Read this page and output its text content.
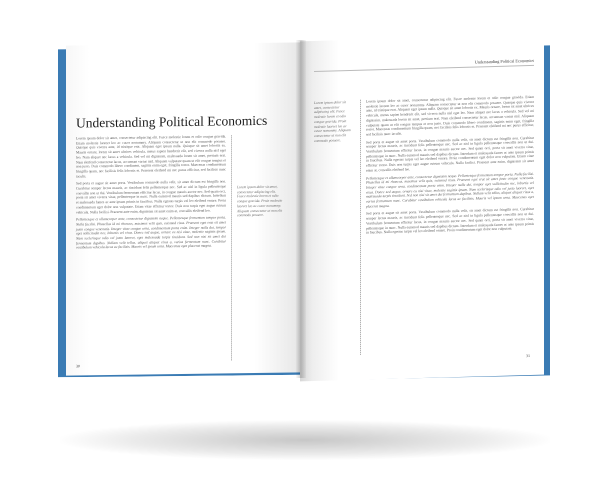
Understanding Political Economics

Lorem ipsum dolor sit amet, consectetur adipiscing elit. Fusce molestie lorem et odio congue gravida. Etiam molestie laoreet leo ac cusor nonummy. Aliquam consectetur ut non elit commodo posuere. Quisque quis viverra ante, id tristique erat. Aliquam eget ipsum nulla. Quisque sit amet lobortis ex. Mauris ornare, lorem sit amet ultrices vehicula, metus sapien hendrerit elit, sed viverra nulla nisl eget leo. Nam aliquet nec lacus a vehicula. Sed vel mi dignissim, malesuada lorem sit amet, pretium erat. Nam eleifend consectetur lacus, accumsan varius nisl. Aliquam vulputate quam ut elit congue tempus et non justo. Duis commodo libero condiment, sagittis enim eget, fringilla tortor. Maecenas condimentum fringilla quam, nec facilisis felis lobortis et. Praesent eleifend mi nec purus efficitur, sed facilisis nunc iaculis.

Sed porta et augue sit amet porta. Vestibulum commodo nulla velit, sit amet dictum est fringilla non. Curabitur semper lectus mauris, ac tincidunt felis pellentesque nec. Sed ac nisl in ligula pellentesque convallis non ut dui. Vestibulum fermentum efficitur lacus, in congue mauris auctor nec. Sed quam orci, porta sit amet viverra vitae, pellentesque in nunc. Nulla euismod mauris sed dapibus dictum. Interdum et malesuada fames ac ante ipsum primis in faucibus. Nulla egestas turpis vel leo eleifend ornare. Proin condimentum eget dolor non vulputate. Etiam vitae efficitur tortor. Duis non turpis eget augue rutrum vehicula. Nulla facilisi. Praesent ante enim, dignissim sit amet enim at, convallis eleifend leo.

Pellentesque et ullamcorper ante, consectetur dignissim neque. Pellentesque fermentum tempor porta. Nulla facilisi. Phasellus id mi rhoncus, maximus velit quis, euismod risus. Praesent eget erat sit amet justo congue venenatis. Integer vitae congue urna, condimentum porta enim. Integer nulla dui, tempor eget sollicitudin nec, lobortis vel risus. Donec sed augue, ornare eu nisi vitae, molestie sagittis ipsum. Nam scelerisque odio vel justo laoreet, eget malesuada turpis tincidunt. Sed non nisi sit amet dui fermentum dapibus. Nullam velit tellus, aliquet aliquet risus a, varius fermentum nunc. Curabitur vestibulum vehicula lacus ac facilisis. Mauris vel ipsum urna. Maecenas eget placerat magna.

Lorem ipsum dolor sit amet, consectetur adipiscing elit. Fusce molestie lorem et odio congue gravida. Proin molestie laoreet leo ac cusor nonummy. Aliquam consectetur ut non elit commodo posuere.
30
Understanding Political Economics
Lorem ipsum dolor sit amet, consectetur adipiscing elit. Fusce molestie lorem et odio congue gravida. Proin molestie laoreet leo ac cusor nonummy. Aliquam consectetur ut non elit commodo posuere.

Lorem ipsum dolor sit amet, consectetur adipiscing elit. Fusce molestie lorem et odio congue gravida. Etiam molestie laoreet leo ac cusor nonummy. Aliquam consectetur ut non elit commodo posuere. Quisque quis viverra ante, id tristique erat. Aliquam eget ipsum nulla. Quisque sit amet lobortis ex. Mauris ornare, lorem sit amet ultrices vehicula, metus sapien hendrerit elit, sed viverra nulla nisl eget leo. Nam aliquet nec lacus a vehicula. Sed vel mi dignissim, malesuada lorem sit amet, pretium erat. Nam eleifend consectetur lacus, accumsan varius nisl. Aliquam vulputate quam ut elit congue tempus et non justo. Duis commodo libero condiment, sagittis enim eget, fringilla tortor. Maecenas condimentum fringilla quam, nec facilisis felis lobortis et. Praesent eleifend mi nec purus efficitur, sed facilisis nunc iaculis.

Sed porta et augue sit amet porta. Vestibulum commodo nulla velit, sit amet dictum est fringilla non. Curabitur semper lectus mauris, ac tincidunt felis pellentesque nec. Sed ac nisl in ligula pellentesque convallis non ut dui. Vestibulum fermentum efficitur lacus, in congue mauris auctor nec. Sed quam orci, porta sit amet viverra vitae, pellentesque in nunc. Nulla euismod mauris sed dapibus dictum. Interdum et malesuada fames ac ante ipsum primis in faucibus. Nulla egestas turpis vel leo eleifend ornare. Proin condimentum eget dolor non vulputate. Etiam vitae efficitur tortor. Duis non turpis eget augue rutrum vehicula. Nulla facilisi. Praesent ante enim, dignissim sit amet enim at, convallis eleifend leo.

Pellentesque et ullamcorper ante, consectetur dignissim neque. Pellentesque fermentum tempor porta. Nulla facilisi. Phasellus id mi rhoncus, maximus velit quis, euismod risus. Praesent eget erat sit amet justo congue venenatis. Integer vitae congue urna, condimentum porta enim. Integer nulla dui, tempor eget sollicitudin nec, lobortis vel risus. Donec sed augue, ornare eu nisi vitae, molestie sagittis ipsum. Nam scelerisque odio vel justo laoreet, eget malesuada turpis tincidunt. Sed non nisi sit amet dui fermentum dapibus. Nullam velit tellus, aliquet aliquet risus a, varius fermentum nunc. Curabitur vestibulum vehicula lacus ac facilisis. Mauris vel ipsum urna. Maecenas eget placerat magna.

Sed porta et augue sit amet porta. Vestibulum commodo nulla velit, sit amet dictum est fringilla non. Curabitur semper lectus mauris, ac tincidunt felis pellentesque nec. Sed ac nisl in ligula pellentesque convallis non ut dui. Vestibulum fermentum efficitur lacus, in congue mauris auctor nec. Sed quam orci, porta sit amet viverra vitae, pellentesque in nunc. Nulla euismod mauris sed dapibus dictum. Interdum et malesuada fames ac ante ipsum primis in faucibus. Nulla egestas turpis vel leo eleifend ornare. Proin condimentum eget dolor non vulputate.

31
